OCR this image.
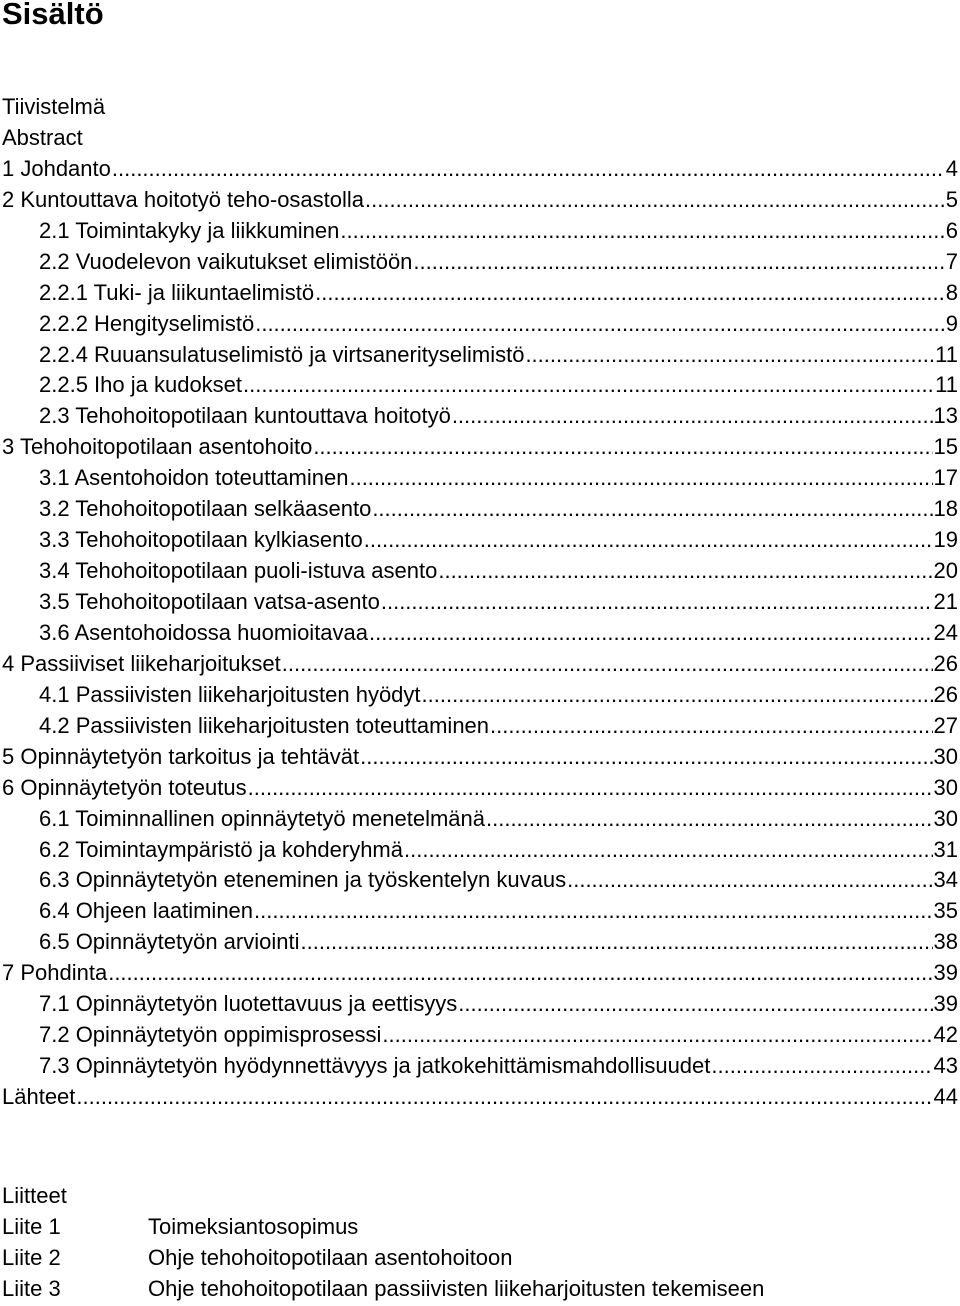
Sisältö
Tiivistelmä
Abstract
1 Johdanto .....	4
2 Kuntouttava hoitotyö teho-osastolla .....	5
2.1 Toimintakyky ja liikkuminen .....	6
2.2 Vuodelevon vaikutukset elimistöön .....	7
2.2.1 Tuki- ja liikuntaelimistö .....	8
2.2.2 Hengityselimistö .....	9
2.2.4 Ruuansulatuselimistö ja virtsanerityselimistö .....	11
2.2.5 Iho ja kudokset .....	11
2.3 Tehohoitopotilaan kuntouttava hoitotyö .....	13
3 Tehohoitopotilaan asentohoito .....	15
3.1 Asentohoidon toteuttaminen .....	17
3.2 Tehohoitopotilaan selkäasento .....	18
3.3 Tehohoitopotilaan kylkiasento .....	19
3.4 Tehohoitopotilaan puoli-istuva asento .....	20
3.5 Tehohoitopotilaan vatsa-asento .....	21
3.6 Asentohoidossa huomioitavaa .....	24
4 Passiiviset liikeharjoitukset .....	26
4.1 Passiivisten liikeharjoitusten hyödyt .....	26
4.2 Passiivisten liikeharjoitusten toteuttaminen .....	27
5 Opinnäytetyön tarkoitus ja tehtävät .....	30
6 Opinnäytetyön toteutus .....	30
6.1 Toiminnallinen opinnäytetyö menetelmänä .....	30
6.2 Toimintaympäristö ja kohderyhmä .....	31
6.3 Opinnäytetyön eteneminen ja työskentelyn kuvaus .....	34
6.4 Ohjeen laatiminen .....	35
6.5 Opinnäytetyön arviointi .....	38
7 Pohdinta .....	39
7.1 Opinnäytetyön luotettavuus ja eettisyys .....	39
7.2 Opinnäytetyön oppimisprosessi .....	42
7.3 Opinnäytetyön hyödynnettävyys ja jatkokehittämismahdollisuudet .....	43
Lähteet .....	44
Liitteet
Liite 1	Toimeksiantosopimus
Liite 2	Ohje tehohoitopotilaan asentohoitoon
Liite 3	Ohje tehohoitopotilaan passiivisten liikeharjoitusten tekemiseen
